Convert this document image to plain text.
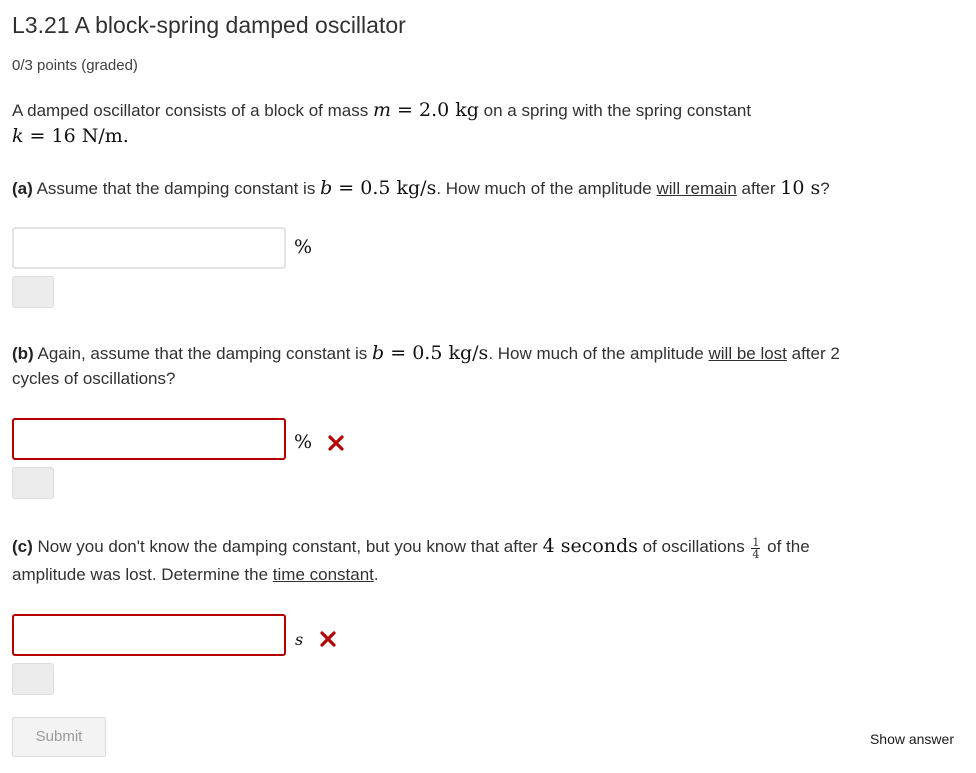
L3.21 A block-spring damped oscillator
0/3 points (graded)
A damped oscillator consists of a block of mass m = 2.0 kg on a spring with the spring constant
k = 16 N/m.
(a) Assume that the damping constant is b = 0.5 kg/s. How much of the amplitude will remain after 10 s?
%
(b) Again, assume that the damping constant is b = 0.5 kg/s. How much of the amplitude will be lost after 2
cycles of oscillations?
%
(c) Now you don't know the damping constant, but you know that after 4 seconds of oscillations $\frac{1}{4}$ of the
amplitude was lost. Determine the time constant.
s
Submit	Show answer
